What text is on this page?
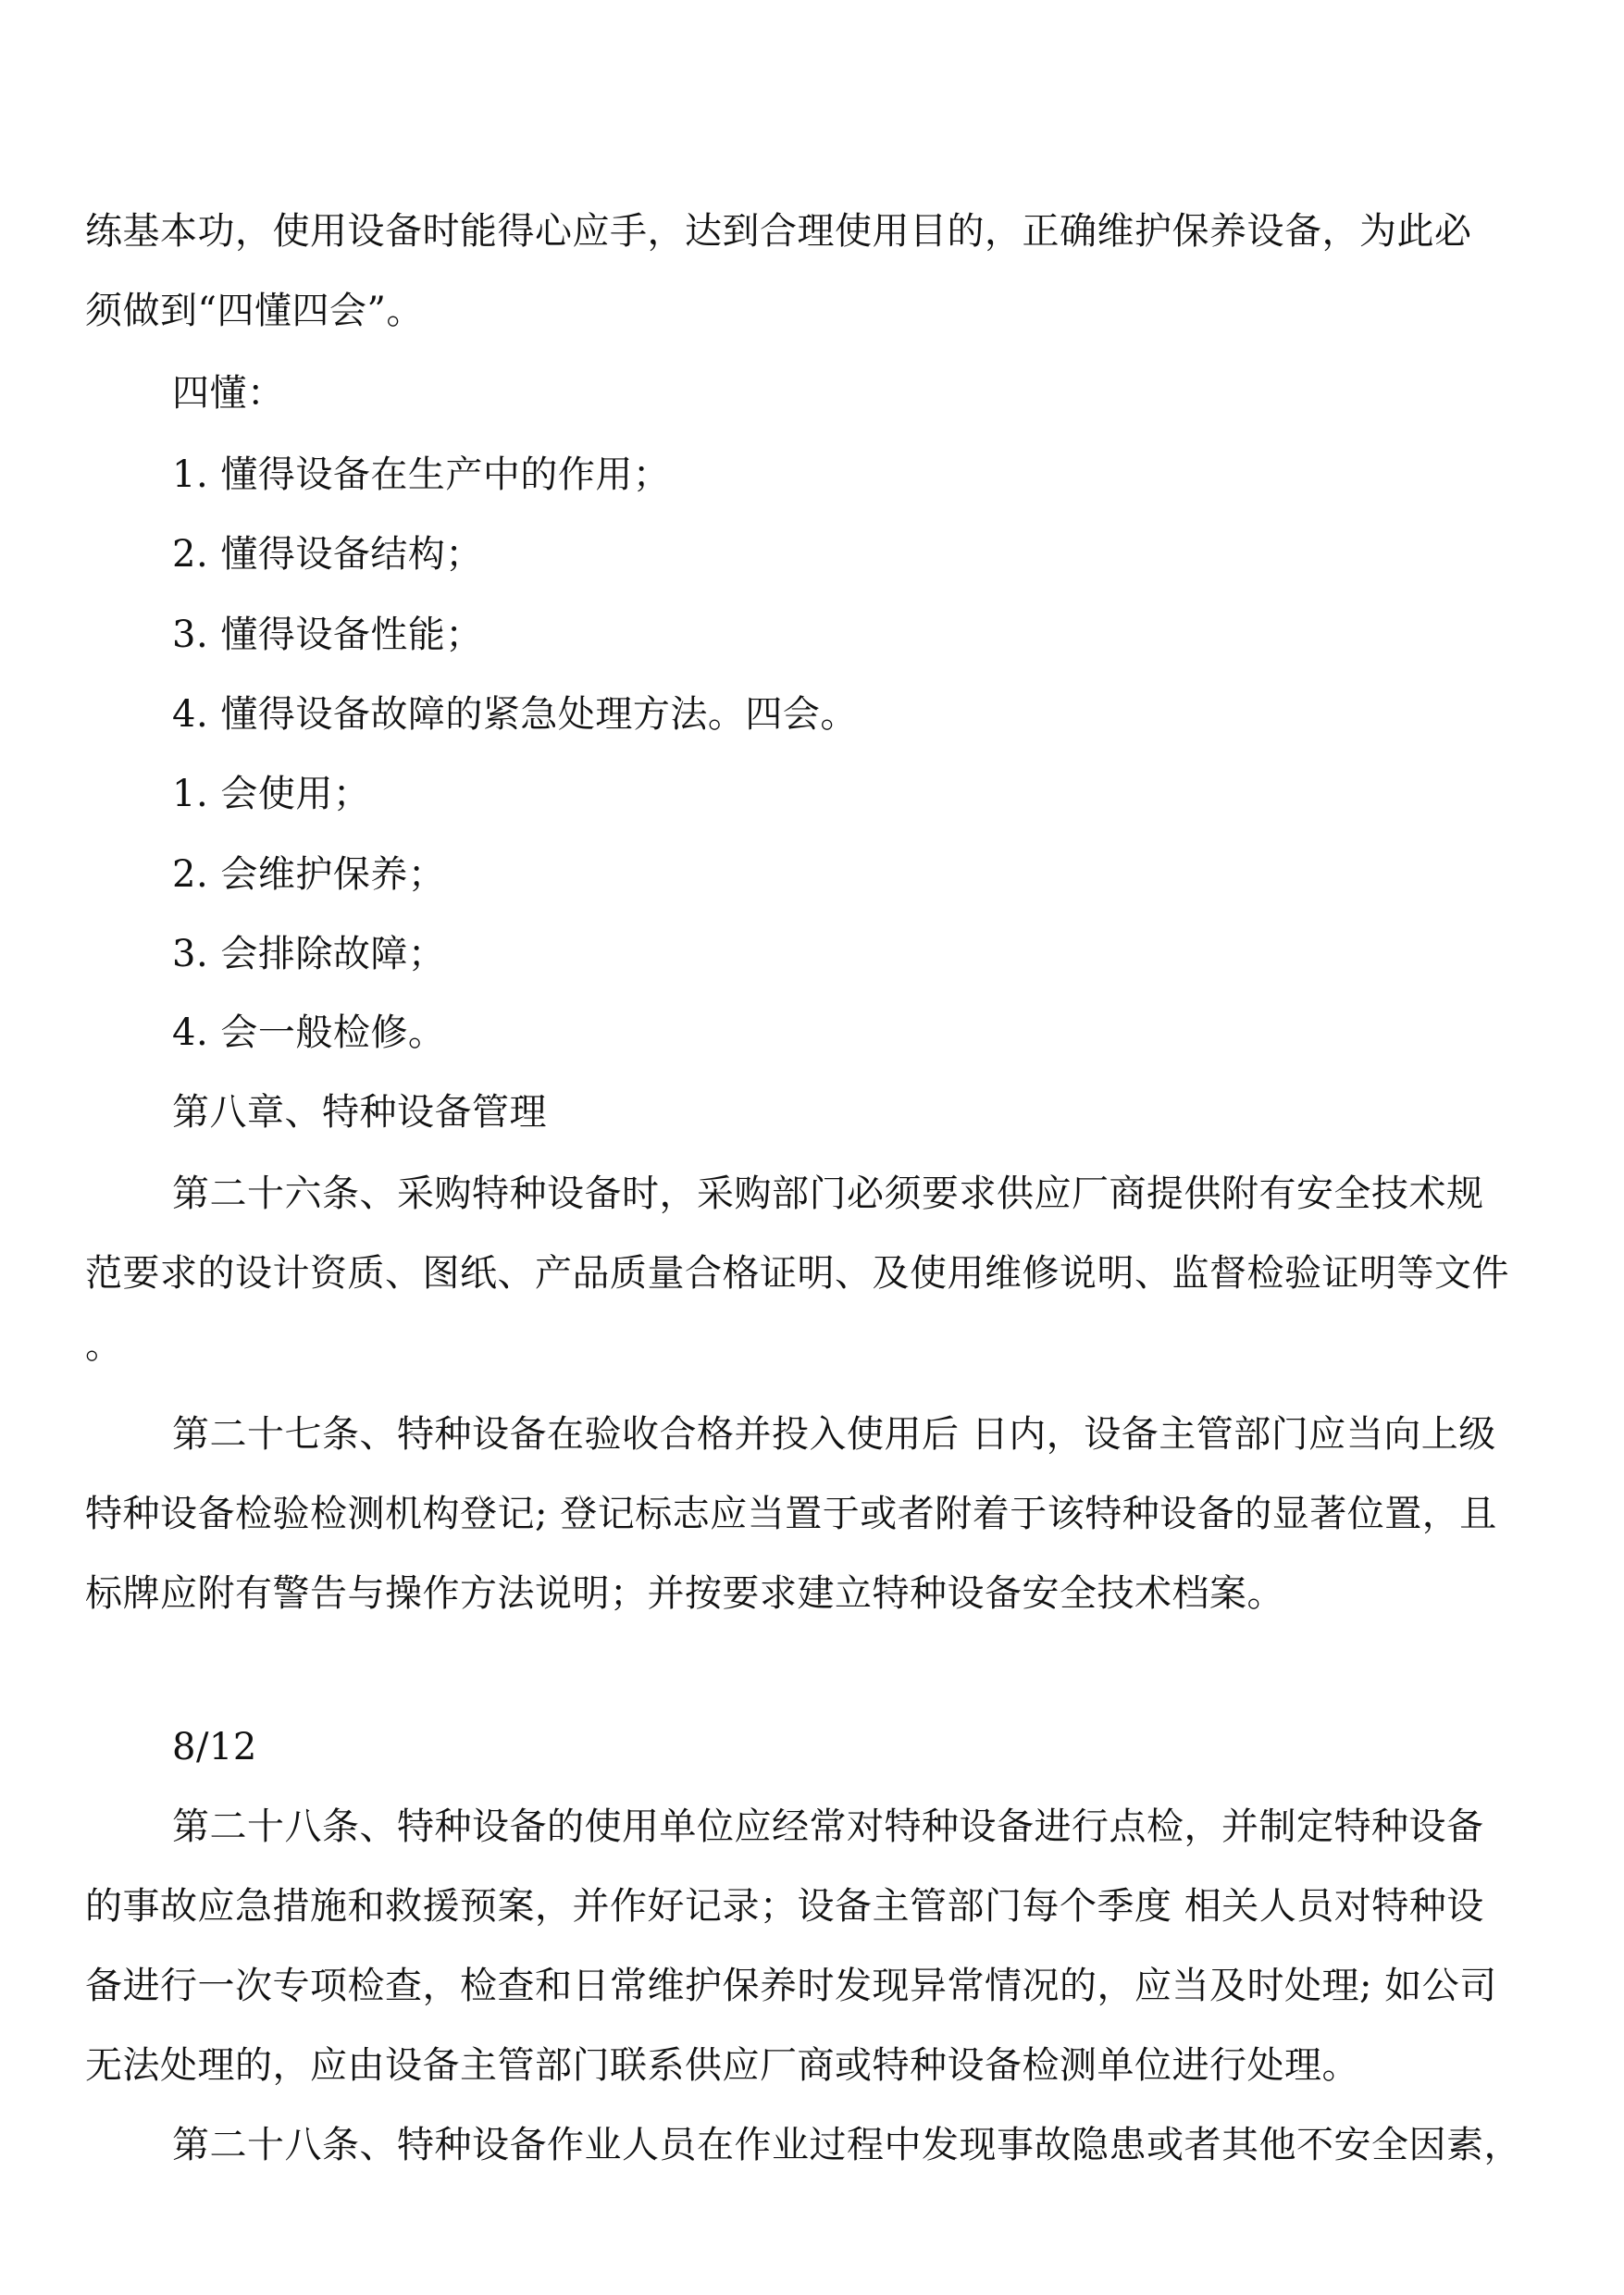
练基本功，使用设备时能得心应手，达到合理使用目的，正确维护保养设备，为此必
须做到“四懂四会”。
四懂：
1. 懂得设备在生产中的作用；
2. 懂得设备结构；
3. 懂得设备性能；
4. 懂得设备故障的紧急处理方法。四会。
1. 会使用；
2. 会维护保养；
3. 会排除故障；
4. 会一般检修。
第八章、特种设备管理
第二十六条、采购特种设备时，采购部门必须要求供应厂商提供附有安全技术规
范要求的设计资质、图纸、产品质量合格证明、及使用维修说明、监督检验证明等文件
。
第二十七条、特种设备在验收合格并投入使用后 日内，设备主管部门应当向上级
特种设备检验检测机构登记; 登记标志应当置于或者附着于该特种设备的显著位置，且
标牌应附有警告与操作方法说明；并按要求建立特种设备安全技术档案。
8/12
第二十八条、特种设备的使用单位应经常对特种设备进行点检，并制定特种设备
的事故应急措施和救援预案，并作好记录；设备主管部门每个季度 相关人员对特种设
备进行一次专项检查，检查和日常维护保养时发现异常情况的，应当及时处理; 如公司
无法处理的，应由设备主管部门联系供应厂商或特种设备检测单位进行处理。
第二十八条、特种设备作业人员在作业过程中发现事故隐患或者其他不安全因素，
